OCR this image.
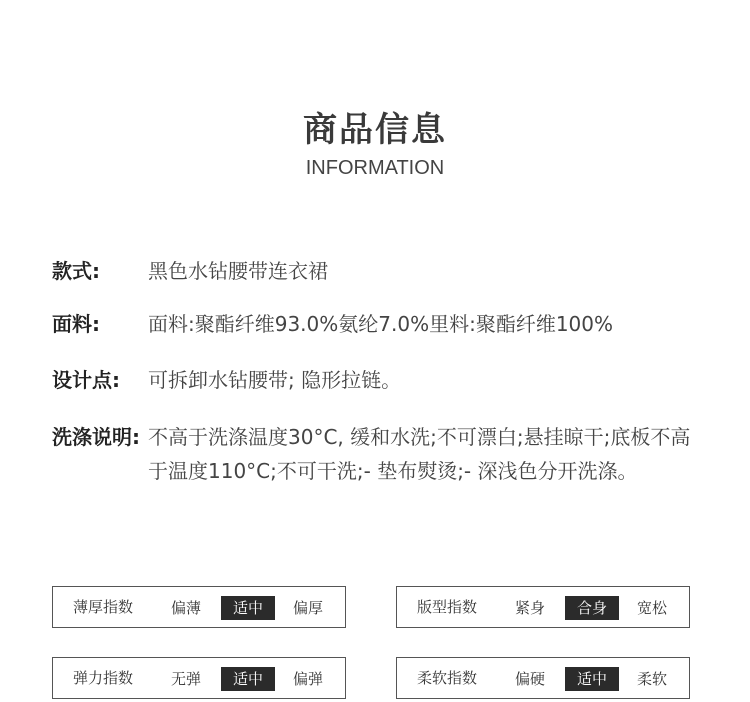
商品信息
INFORMATION
款式: 黑色水钻腰带连衣裙
面料: 面料:聚酯纤维93.0%氨纶7.0%里料:聚酯纤维100%
设计点: 可拆卸水钻腰带; 隐形拉链。
洗涤说明: 不高于洗涤温度30°C, 缓和水洗;不可漂白;悬挂晾干;底板不高于温度110°C;不可干洗;- 垫布熨烫;- 深浅色分开洗涤。
薄厚指数	偏薄	适中	偏厚	版型指数	紧身	合身	宽松
弹力指数	无弹	适中	偏弹	柔软指数	偏硬	适中	柔软
